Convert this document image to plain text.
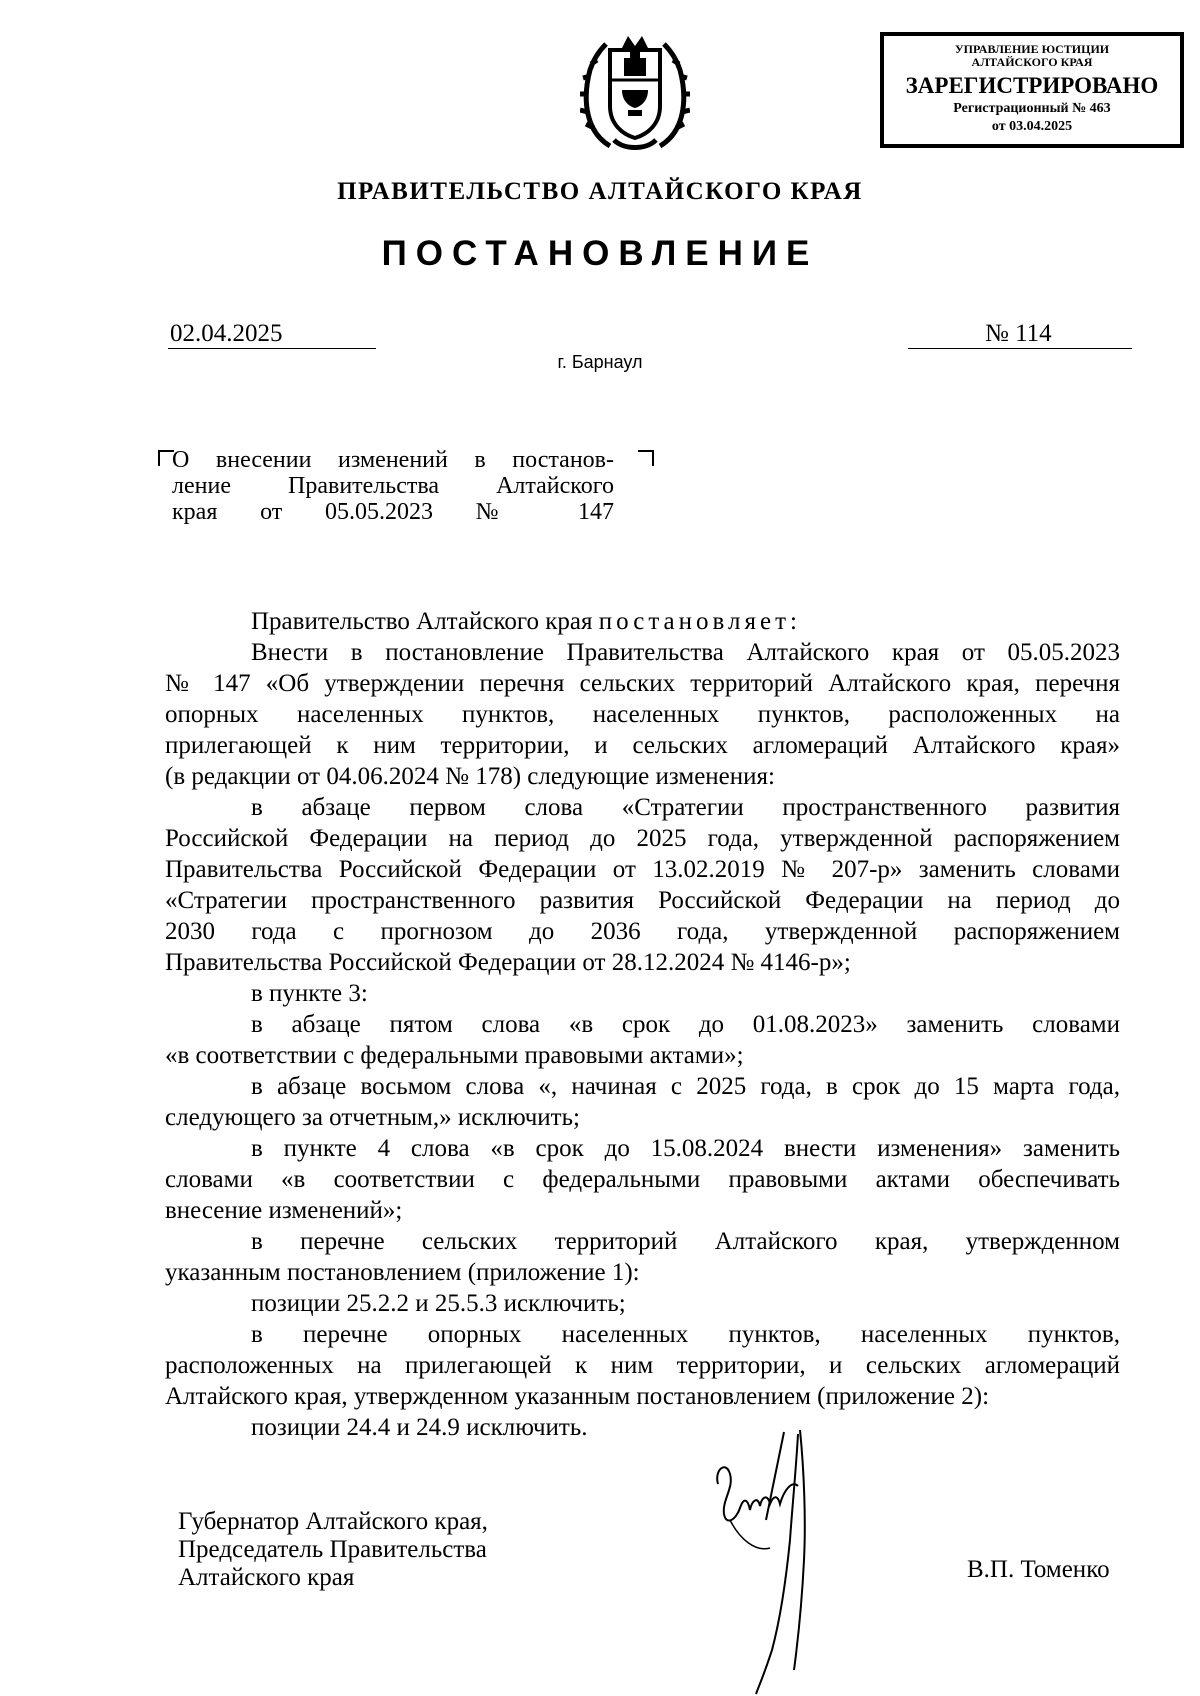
УПРАВЛЕНИЕ ЮСТИЦИИ
АЛТАЙСКОГО КРАЯ
ЗАРЕГИСТРИРОВАНО
Регистрационный № 463
от 03.04.2025
ПРАВИТЕЛЬСТВО АЛТАЙСКОГО КРАЯ
ПОСТАНОВЛЕНИЕ
02.04.2025	№ 114
г. Барнаул
О внесении изменений в постанов-
ление Правительства Алтайского
края от 05.05.2023 № 147
Правительство Алтайского края постановляет:
Внести в постановление Правительства Алтайского края от 05.05.2023
№ 147 «Об утверждении перечня сельских территорий Алтайского края, перечня
опорных населенных пунктов, населенных пунктов, расположенных на
прилегающей к ним территории, и сельских агломераций Алтайского края»
(в редакции от 04.06.2024 № 178) следующие изменения:
в абзаце первом слова «Стратегии пространственного развития
Российской Федерации на период до 2025 года, утвержденной распоряжением
Правительства Российской Федерации от 13.02.2019 № 207-р» заменить словами
«Стратегии пространственного развития Российской Федерации на период до
2030 года с прогнозом до 2036 года, утвержденной распоряжением
Правительства Российской Федерации от 28.12.2024 № 4146-р»;
в пункте 3:
в абзаце пятом слова «в срок до 01.08.2023» заменить словами
«в соответствии с федеральными правовыми актами»;
в абзаце восьмом слова «, начиная с 2025 года, в срок до 15 марта года,
следующего за отчетным,» исключить;
в пункте 4 слова «в срок до 15.08.2024 внести изменения» заменить
словами «в соответствии с федеральными правовыми актами обеспечивать
внесение изменений»;
в перечне сельских территорий Алтайского края, утвержденном
указанным постановлением (приложение 1):
позиции 25.2.2 и 25.5.3 исключить;
в перечне опорных населенных пунктов, населенных пунктов,
расположенных на прилегающей к ним территории, и сельских агломераций
Алтайского края, утвержденном указанным постановлением (приложение 2):
позиции 24.4 и 24.9 исключить.
Губернатор Алтайского края,
Председатель Правительства
Алтайского края	В.П. Томенко
